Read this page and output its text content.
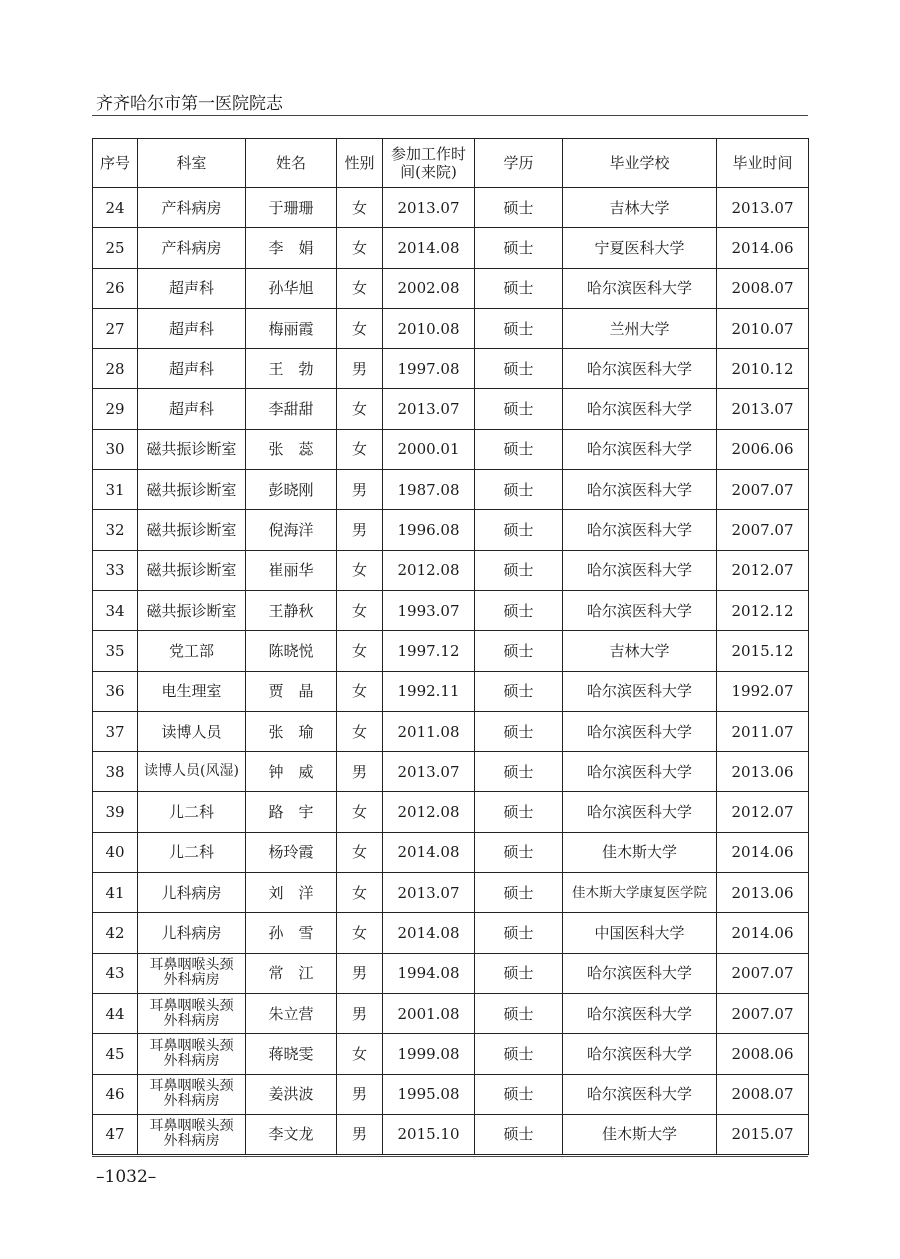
齐齐哈尔市第一医院院志
序号	科室	姓名	性别	参加工作时间(来院)	学历	毕业学校	毕业时间
24	产科病房	于珊珊	女	2013.07	硕士	吉林大学	2013.07
25	产科病房	李　娟	女	2014.08	硕士	宁夏医科大学	2014.06
26	超声科	孙华旭	女	2002.08	硕士	哈尔滨医科大学	2008.07
27	超声科	梅丽霞	女	2010.08	硕士	兰州大学	2010.07
28	超声科	王　勃	男	1997.08	硕士	哈尔滨医科大学	2010.12
29	超声科	李甜甜	女	2013.07	硕士	哈尔滨医科大学	2013.07
30	磁共振诊断室	张　蕊	女	2000.01	硕士	哈尔滨医科大学	2006.06
31	磁共振诊断室	彭晓刚	男	1987.08	硕士	哈尔滨医科大学	2007.07
32	磁共振诊断室	倪海洋	男	1996.08	硕士	哈尔滨医科大学	2007.07
33	磁共振诊断室	崔丽华	女	2012.08	硕士	哈尔滨医科大学	2012.07
34	磁共振诊断室	王静秋	女	1993.07	硕士	哈尔滨医科大学	2012.12
35	党工部	陈晓悦	女	1997.12	硕士	吉林大学	2015.12
36	电生理室	贾　晶	女	1992.11	硕士	哈尔滨医科大学	1992.07
37	读博人员	张　瑜	女	2011.08	硕士	哈尔滨医科大学	2011.07
38	读博人员(风湿)	钟　威	男	2013.07	硕士	哈尔滨医科大学	2013.06
39	儿二科	路　宇	女	2012.08	硕士	哈尔滨医科大学	2012.07
40	儿二科	杨玲霞	女	2014.08	硕士	佳木斯大学	2014.06
41	儿科病房	刘　洋	女	2013.07	硕士	佳木斯大学康复医学院	2013.06
42	儿科病房	孙　雪	女	2014.08	硕士	中国医科大学	2014.06
43	耳鼻咽喉头颈外科病房	常　江	男	1994.08	硕士	哈尔滨医科大学	2007.07
44	耳鼻咽喉头颈外科病房	朱立营	男	2001.08	硕士	哈尔滨医科大学	2007.07
45	耳鼻咽喉头颈外科病房	蒋晓雯	女	1999.08	硕士	哈尔滨医科大学	2008.06
46	耳鼻咽喉头颈外科病房	姜洪波	男	1995.08	硕士	哈尔滨医科大学	2008.07
47	耳鼻咽喉头颈外科病房	李文龙	男	2015.10	硕士	佳木斯大学	2015.07
–1032–
